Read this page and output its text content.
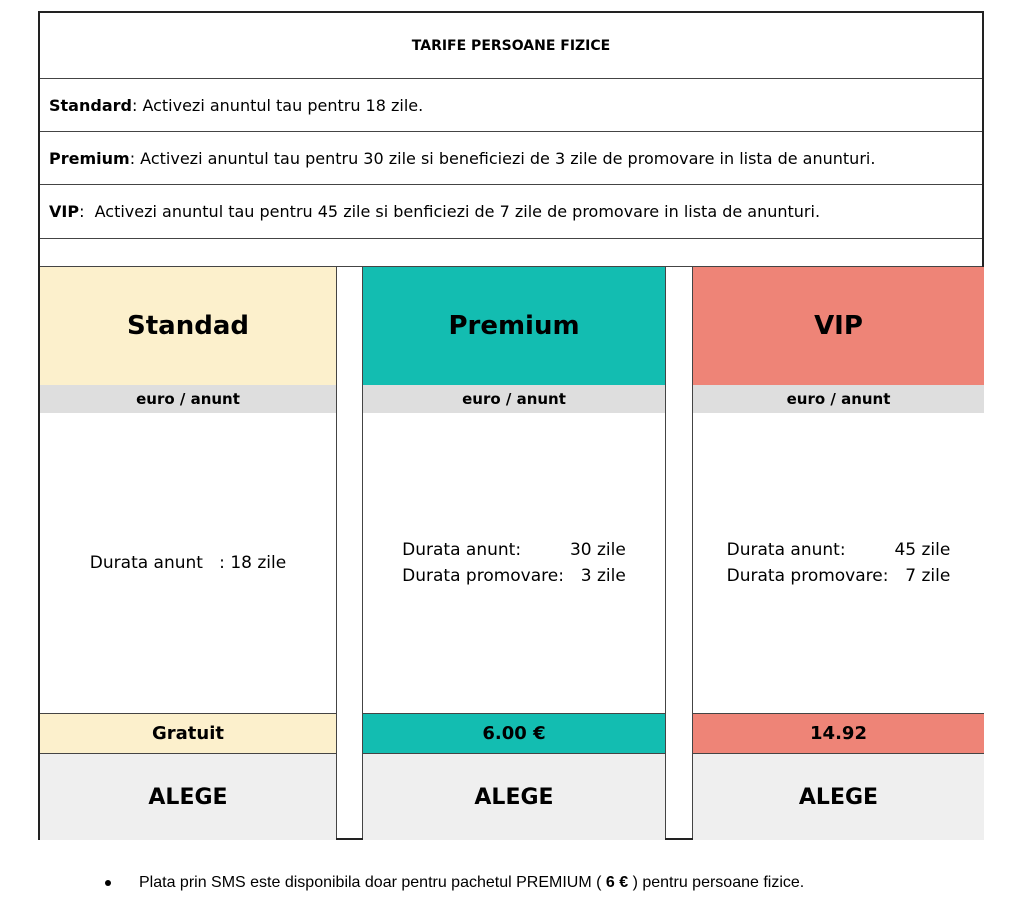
TARIFE PERSOANE FIZICE
Standard : Activezi anuntul tau pentru 18 zile.
Premium : Activezi anuntul tau pentru 30 zile si beneficiezi de 3 zile de promovare in lista de anunturi.
VIP : Activezi anuntul tau pentru 45 zile si benficiezi de 7 zile de promovare in lista de anunturi.
Standad
euro / anunt
Durata anunt   : 18 zile
Gratuit
ALEGE
Premium
euro / anunt
Durata anunt:	30 zile
Durata promovare: 3 zile
6.00 €
ALEGE
VIP
euro / anunt
Durata anunt:	45 zile
Durata promovare: 7 zile
14.92
ALEGE
Plata prin SMS este disponibila doar pentru pachetul PREMIUM ( 6 € ) pentru persoane fizice.
